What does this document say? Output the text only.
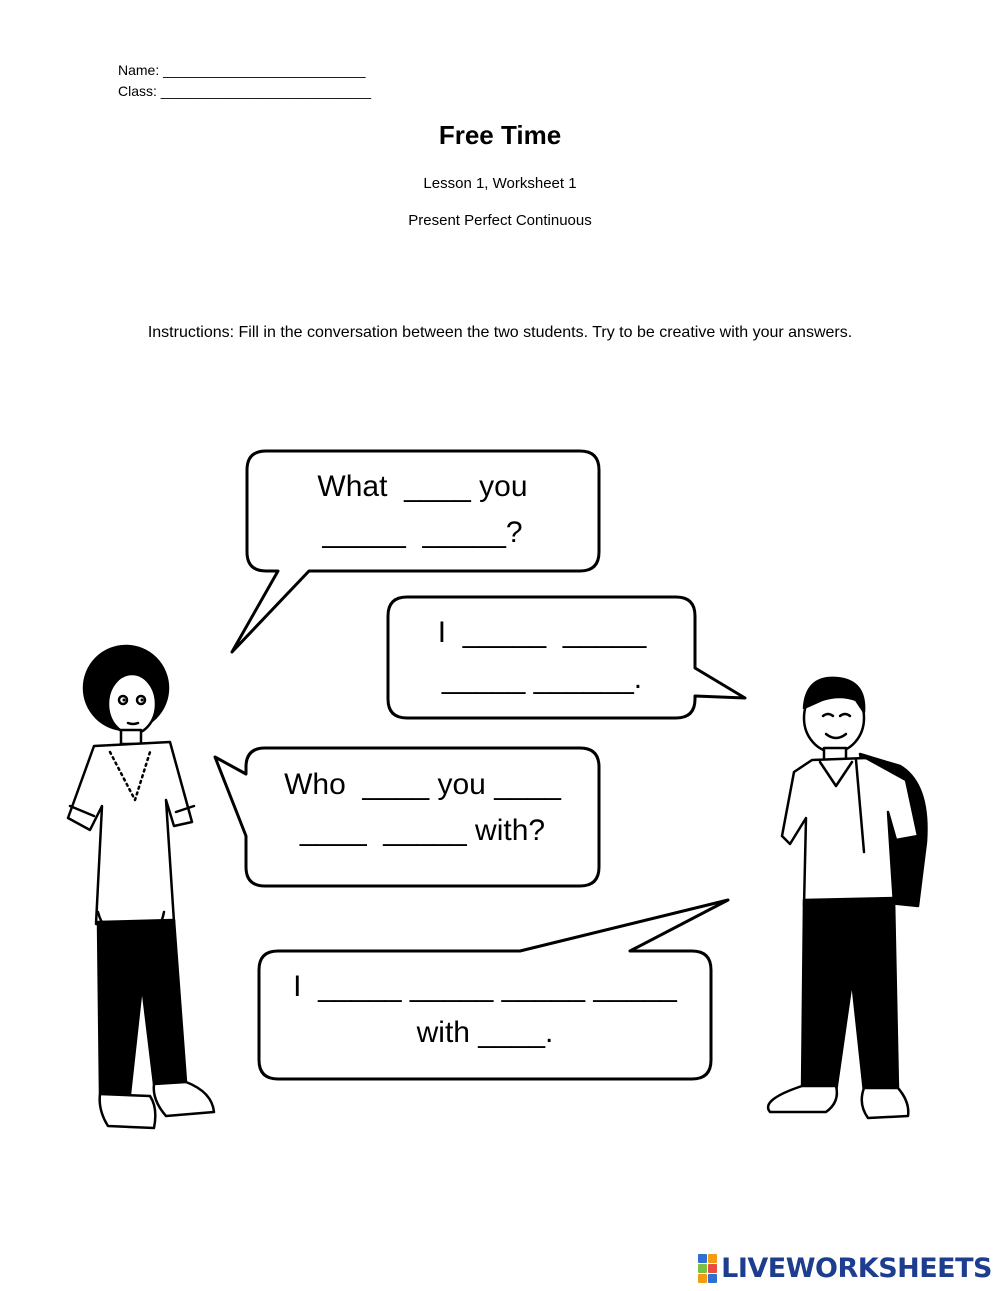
Name: __________________________
Class: ___________________________
Free Time
Lesson 1, Worksheet 1
Present Perfect Continuous
Instructions: Fill in the conversation between the two students. Try to be creative with your answers.
What  ____ you
_____  _____?
I  _____  _____
_____ ______.
Who  ____ you ____
____  _____ with?
I  _____ _____ _____ _____
with ____.
LIVEWORKSHEETS
